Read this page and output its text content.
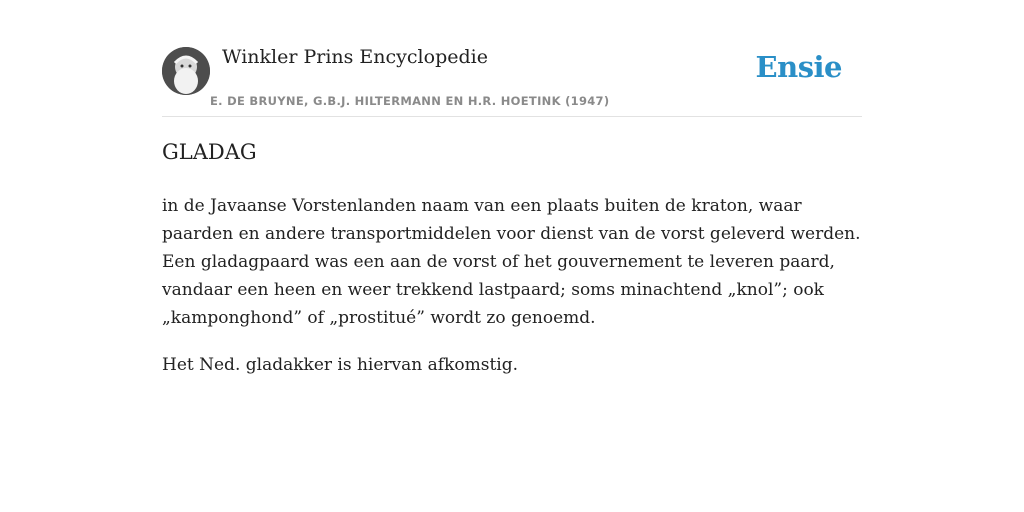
Winkler Prins Encyclopedie
E. DE BRUYNE, G.B.J. HILTERMANN EN H.R. HOETINK (1947)
Ensie
GLADAG

in de Javaanse Vorstenlanden naam van een plaats buiten de kraton, waar paarden en andere transportmiddelen voor dienst van de vorst geleverd werden. Een gladagpaard was een aan de vorst of het gouvernement te leveren paard, vandaar een heen en weer trekkend lastpaard; soms minachtend „knol”; ook „kamponghond” of „prostitué” wordt zo genoemd.

Het Ned. gladakker is hiervan afkomstig.
